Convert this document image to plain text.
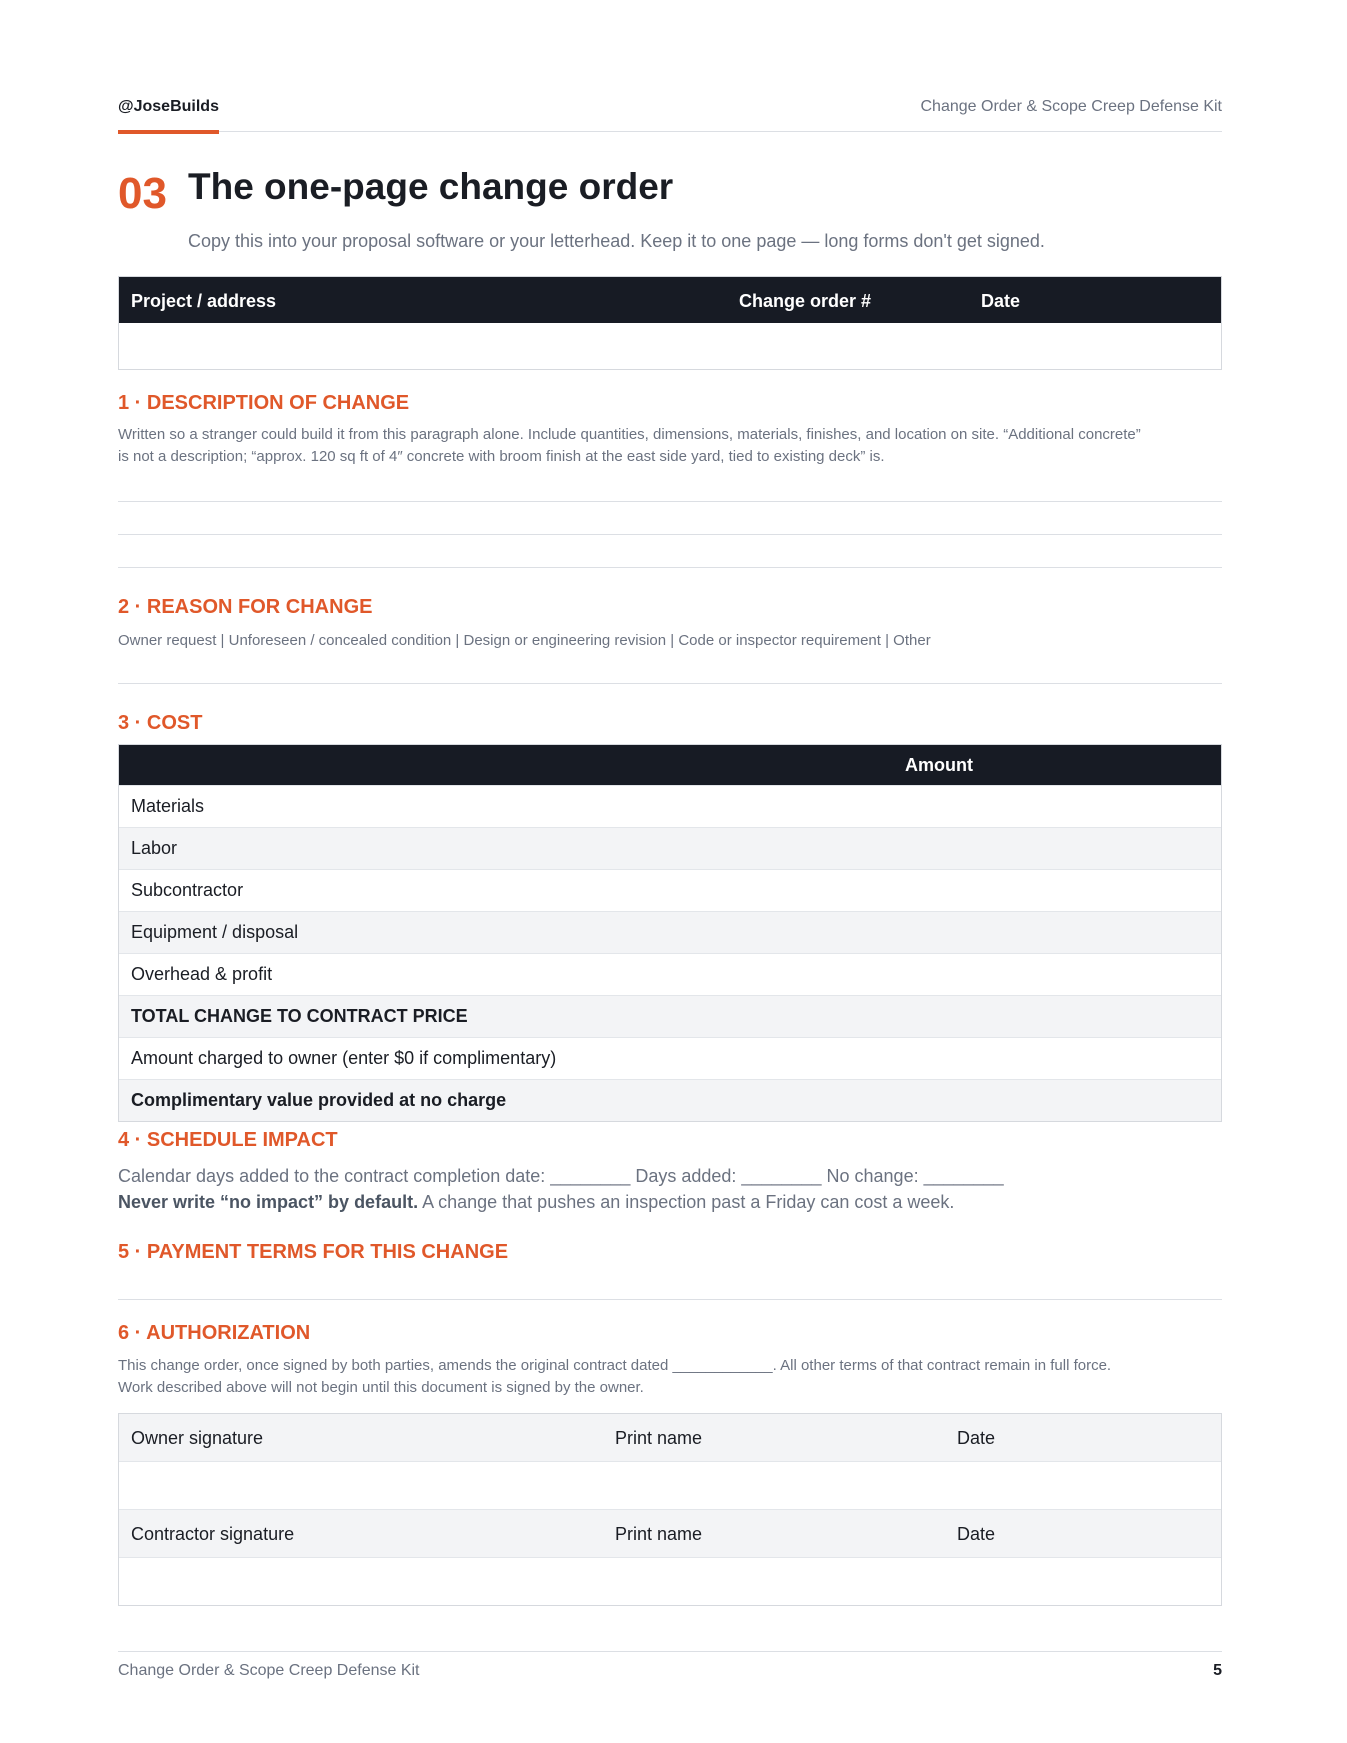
@JoseBuilds	Change Order & Scope Creep Defense Kit
03 The one-page change order
Copy this into your proposal software or your letterhead. Keep it to one page — long forms don't get signed.
Project / address	Change order #	Date
1 · DESCRIPTION OF CHANGE
Written so a stranger could build it from this paragraph alone. Include quantities, dimensions, materials, finishes, and location on site. “Additional concrete”
is not a description; “approx. 120 sq ft of 4″ concrete with broom finish at the east side yard, tied to existing deck” is.
2 · REASON FOR CHANGE
Owner request | Unforeseen / concealed condition | Design or engineering revision | Code or inspector requirement | Other
3 · COST
Amount
Materials
Labor
Subcontractor
Equipment / disposal
Overhead & profit
TOTAL CHANGE TO CONTRACT PRICE
Amount charged to owner (enter $0 if complimentary)
Complimentary value provided at no charge
4 · SCHEDULE IMPACT
Calendar days added to the contract completion date: ________ Days added: ________ No change: ________
Never write “no impact” by default. A change that pushes an inspection past a Friday can cost a week.
5 · PAYMENT TERMS FOR THIS CHANGE
6 · AUTHORIZATION
This change order, once signed by both parties, amends the original contract dated ____________. All other terms of that contract remain in full force.
Work described above will not begin until this document is signed by the owner.
Owner signature	Print name	Date
Contractor signature	Print name	Date
Change Order & Scope Creep Defense Kit	5
